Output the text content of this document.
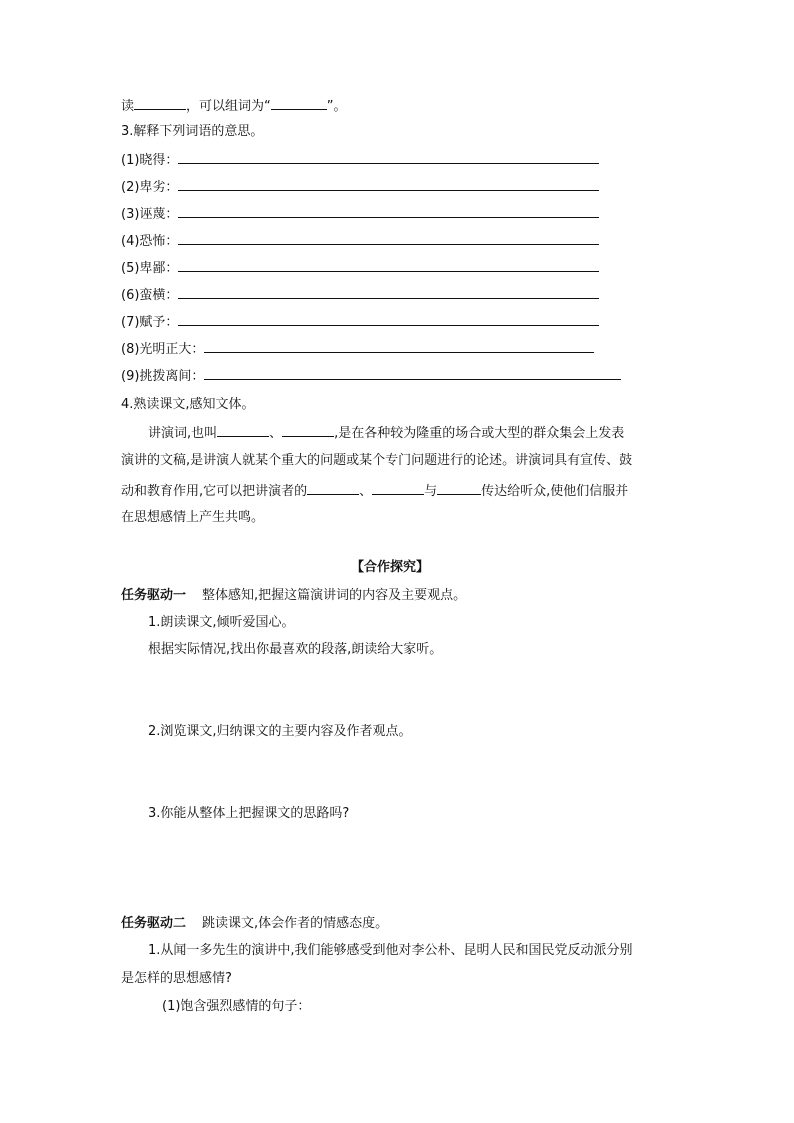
读	，可以组词为“	”。
3.解释下列词语的意思。
(1)晓得：
(2)卑劣：
(3)诬蔑：
(4)恐怖：
(5)卑鄙：
(6)蛮横：
(7)赋予：
(8)光明正大：
(9)挑拨离间：
4.熟读课文,感知文体。
讲演词,也叫	、	,是在各种较为隆重的场合或大型的群众集会上发表
演讲的文稿,是讲演人就某个重大的问题或某个专门问题进行的论述。讲演词具有宣传、鼓
动和教育作用,它可以把讲演者的	、	与	传达给听众,使他们信服并
在思想感情上产生共鸣。
【合作探究】
任务驱动一 整体感知,把握这篇演讲词的内容及主要观点。
1.朗读课文,倾听爱国心。
根据实际情况,找出你最喜欢的段落,朗读给大家听。
2.浏览课文,归纳课文的主要内容及作者观点。
3.你能从整体上把握课文的思路吗?
任务驱动二 跳读课文,体会作者的情感态度。
1.从闻一多先生的演讲中,我们能够感受到他对李公朴、昆明人民和国民党反动派分别
是怎样的思想感情?
(1)饱含强烈感情的句子：
